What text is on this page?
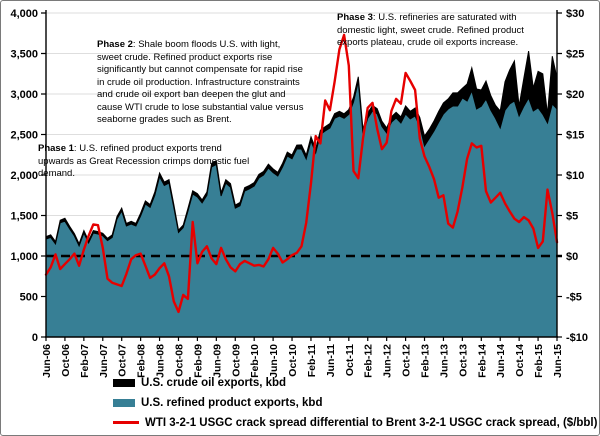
4,000
3,500
3,000
2,500
2,000
1,500
1,000
500
0
$30
$25
$20
$15
$10
$5
$0
-$5
-$10
Jun-06 Oct-06 Feb-07 Jun-07 Oct-07 Feb-08 Jun-08 Oct-08 Feb-09 Jun-09 Oct-09 Feb-10 Jun-10 Oct-10 Feb-11 Jun-11 Oct-11 Feb-12 Jun-12 Oct-12 Feb-13 Jun-13 Oct-13 Feb-14 Jun-14 Oct-14 Feb-15 Jun-15
Phase 1: U.S. refined product exports trend upwards as Great Recession crimps domestic fuel demand.
Phase 2: Shale boom floods U.S. with light, sweet crude. Refined product exports rise significantly but cannot compensate for rapid rise in crude oil production. Infrastructure constraints and crude oil export ban deepen the glut and cause WTI crude to lose substantial value versus seaborne grades such as Brent.
Phase 3: U.S. refineries are saturated with domestic light, sweet crude. Refined product exports plateau, crude oil exports increase.
U.S. crude oil exports, kbd
U.S. refined product exports, kbd
WTI 3-2-1 USGC crack spread differential to Brent 3-2-1 USGC crack spread, ($/bbl)
